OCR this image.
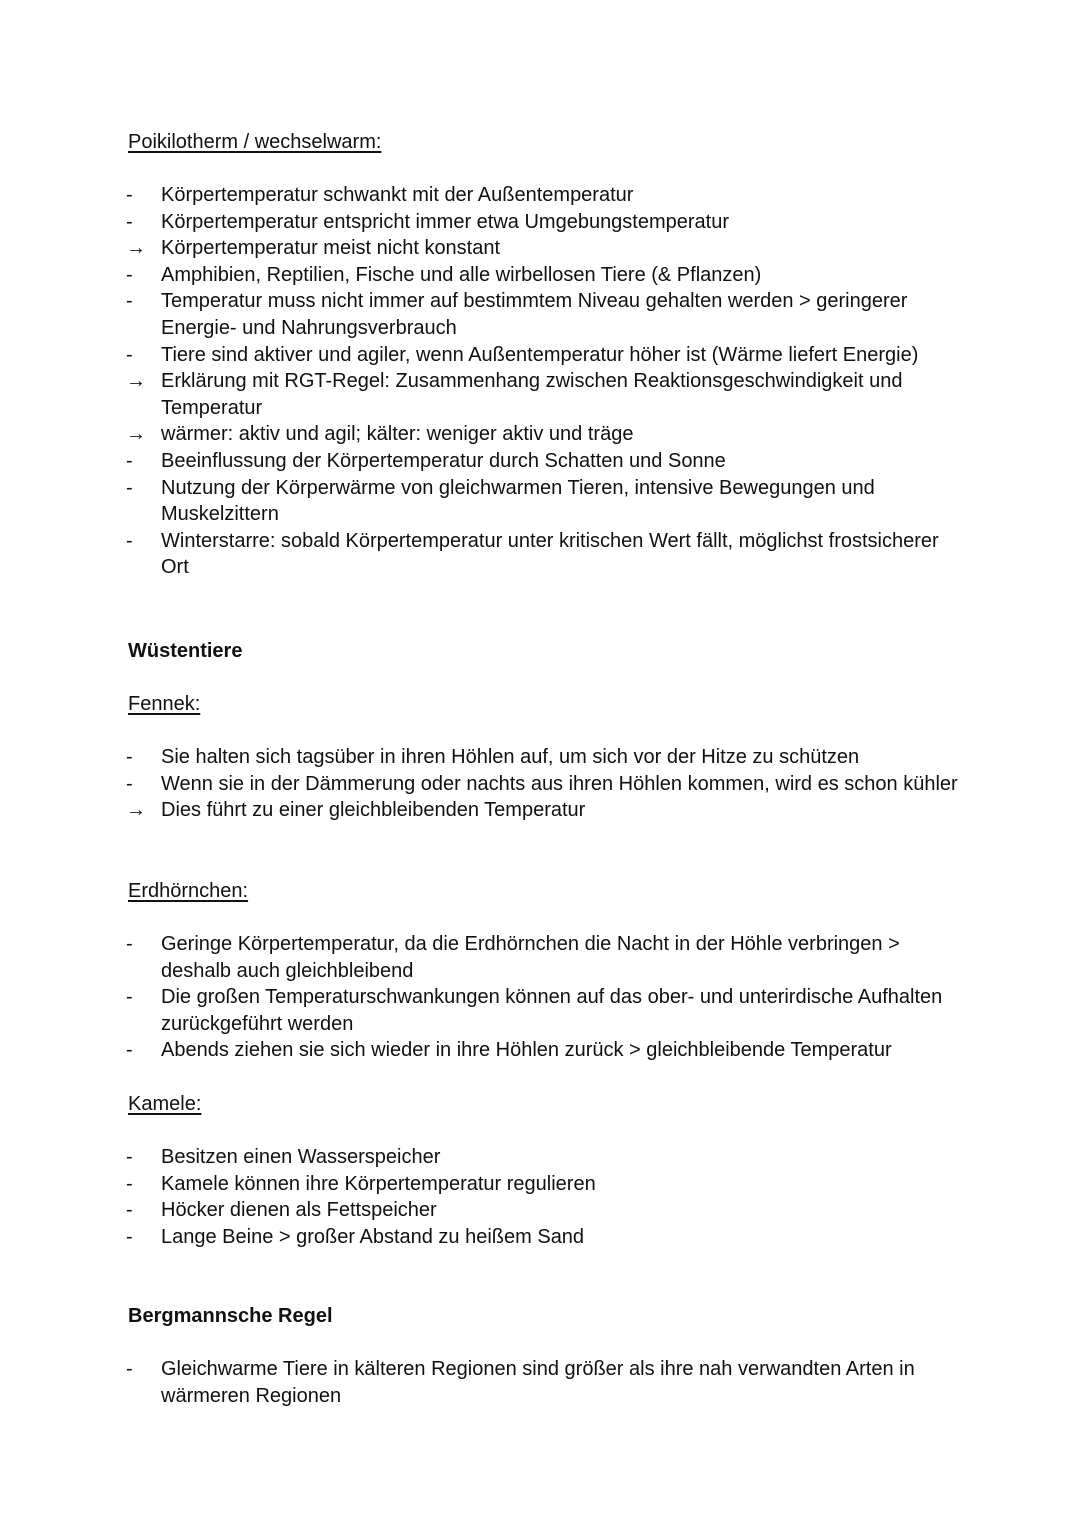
Poikilotherm / wechselwarm:
-	Körpertemperatur schwankt mit der Außentemperatur
-	Körpertemperatur entspricht immer etwa Umgebungstemperatur
→ Körpertemperatur meist nicht konstant
-	Amphibien, Reptilien, Fische und alle wirbellosen Tiere (& Pflanzen)
-	Temperatur muss nicht immer auf bestimmtem Niveau gehalten werden > geringerer Energie- und Nahrungsverbrauch
-	Tiere sind aktiver und agiler, wenn Außentemperatur höher ist (Wärme liefert Energie)
→ Erklärung mit RGT-Regel: Zusammenhang zwischen Reaktionsgeschwindigkeit und Temperatur
→ wärmer: aktiv und agil; kälter: weniger aktiv und träge
-	Beeinflussung der Körpertemperatur durch Schatten und Sonne
-	Nutzung der Körperwärme von gleichwarmen Tieren, intensive Bewegungen und Muskelzittern
-	Winterstarre: sobald Körpertemperatur unter kritischen Wert fällt, möglichst frostsicherer Ort
Wüstentiere
Fennek:
-	Sie halten sich tagsüber in ihren Höhlen auf, um sich vor der Hitze zu schützen
-	Wenn sie in der Dämmerung oder nachts aus ihren Höhlen kommen, wird es schon kühler
→ Dies führt zu einer gleichbleibenden Temperatur
Erdhörnchen:
-	Geringe Körpertemperatur, da die Erdhörnchen die Nacht in der Höhle verbringen > deshalb auch gleichbleibend
-	Die großen Temperaturschwankungen können auf das ober- und unterirdische Aufhalten zurückgeführt werden
-	Abends ziehen sie sich wieder in ihre Höhlen zurück > gleichbleibende Temperatur
Kamele:
-	Besitzen einen Wasserspeicher
-	Kamele können ihre Körpertemperatur regulieren
-	Höcker dienen als Fettspeicher
-	Lange Beine > großer Abstand zu heißem Sand
Bergmannsche Regel
-	Gleichwarme Tiere in kälteren Regionen sind größer als ihre nah verwandten Arten in wärmeren Regionen
